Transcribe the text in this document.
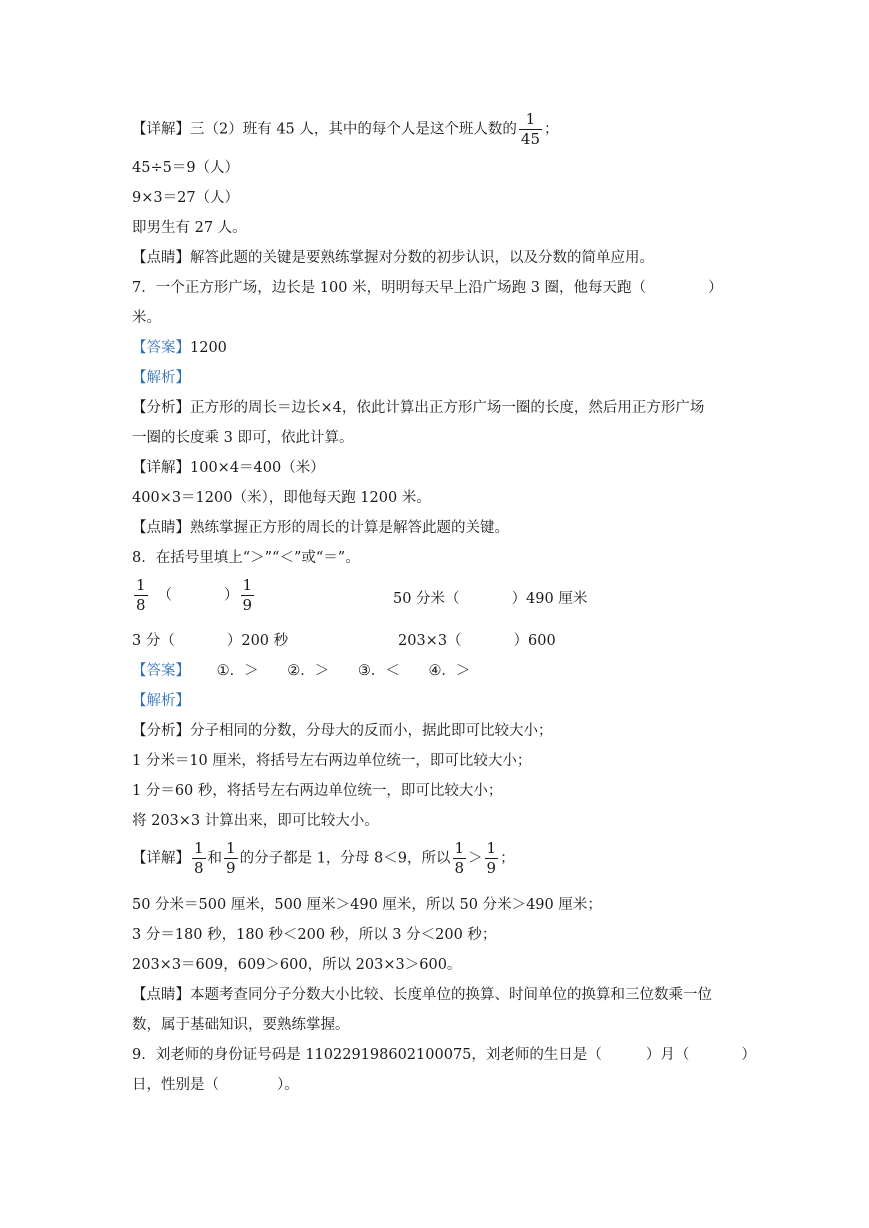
【详解】三（2）班有 45 人，其中的每个人是这个班人数的 $\frac{1}{45}$ ；
45÷5＝9（人）
9×3＝27（人）
即男生有 27 人。
【点睛】解答此题的关键是要熟练掌握对分数的初步认识，以及分数的简单应用。
7．一个正方形广场，边长是 100 米，明明每天早上沿广场跑 3 圈，他每天跑（	）
米。
【答案】1200
【解析】
【分析】正方形的周长＝边长×4，依此计算出正方形广场一圈的长度，然后用正方形广场
一圈的长度乘 3 即可，依此计算。
【详解】100×4＝400（米）
400×3＝1200（米），即他每天跑 1200 米。
【点睛】熟练掌握正方形的周长的计算是解答此题的关键。
8．在括号里填上“＞”“＜”或“＝”。
$\frac{1}{8}$ （	） $\frac{1}{9}$	50 分米（	）490 厘米
3 分（	）200 秒	203×3（	）600
【答案】 ①．＞ ②．＞ ③．＜ ④．＞
【解析】
【分析】分子相同的分数，分母大的反而小，据此即可比较大小；
1 分米＝10 厘米，将括号左右两边单位统一，即可比较大小；
1 分＝60 秒，将括号左右两边单位统一，即可比较大小；
将 203×3 计算出来，即可比较大小。
【详解】 $\frac{1}{8}$ 和 $\frac{1}{9}$ 的分子都是 1，分母 8＜9，所以 $\frac{1}{8} > \frac{1}{9}$ ；
50 分米＝500 厘米，500 厘米＞490 厘米，所以 50 分米＞490 厘米；
3 分＝180 秒，180 秒＜200 秒，所以 3 分＜200 秒；
203×3＝609，609＞600，所以 203×3＞600。
【点睛】本题考查同分子分数大小比较、长度单位的换算、时间单位的换算和三位数乘一位
数，属于基础知识，要熟练掌握。
9．刘老师的身份证号码是 110229198602100075，刘老师的生日是（	）月（	）
日，性别是（	）。
